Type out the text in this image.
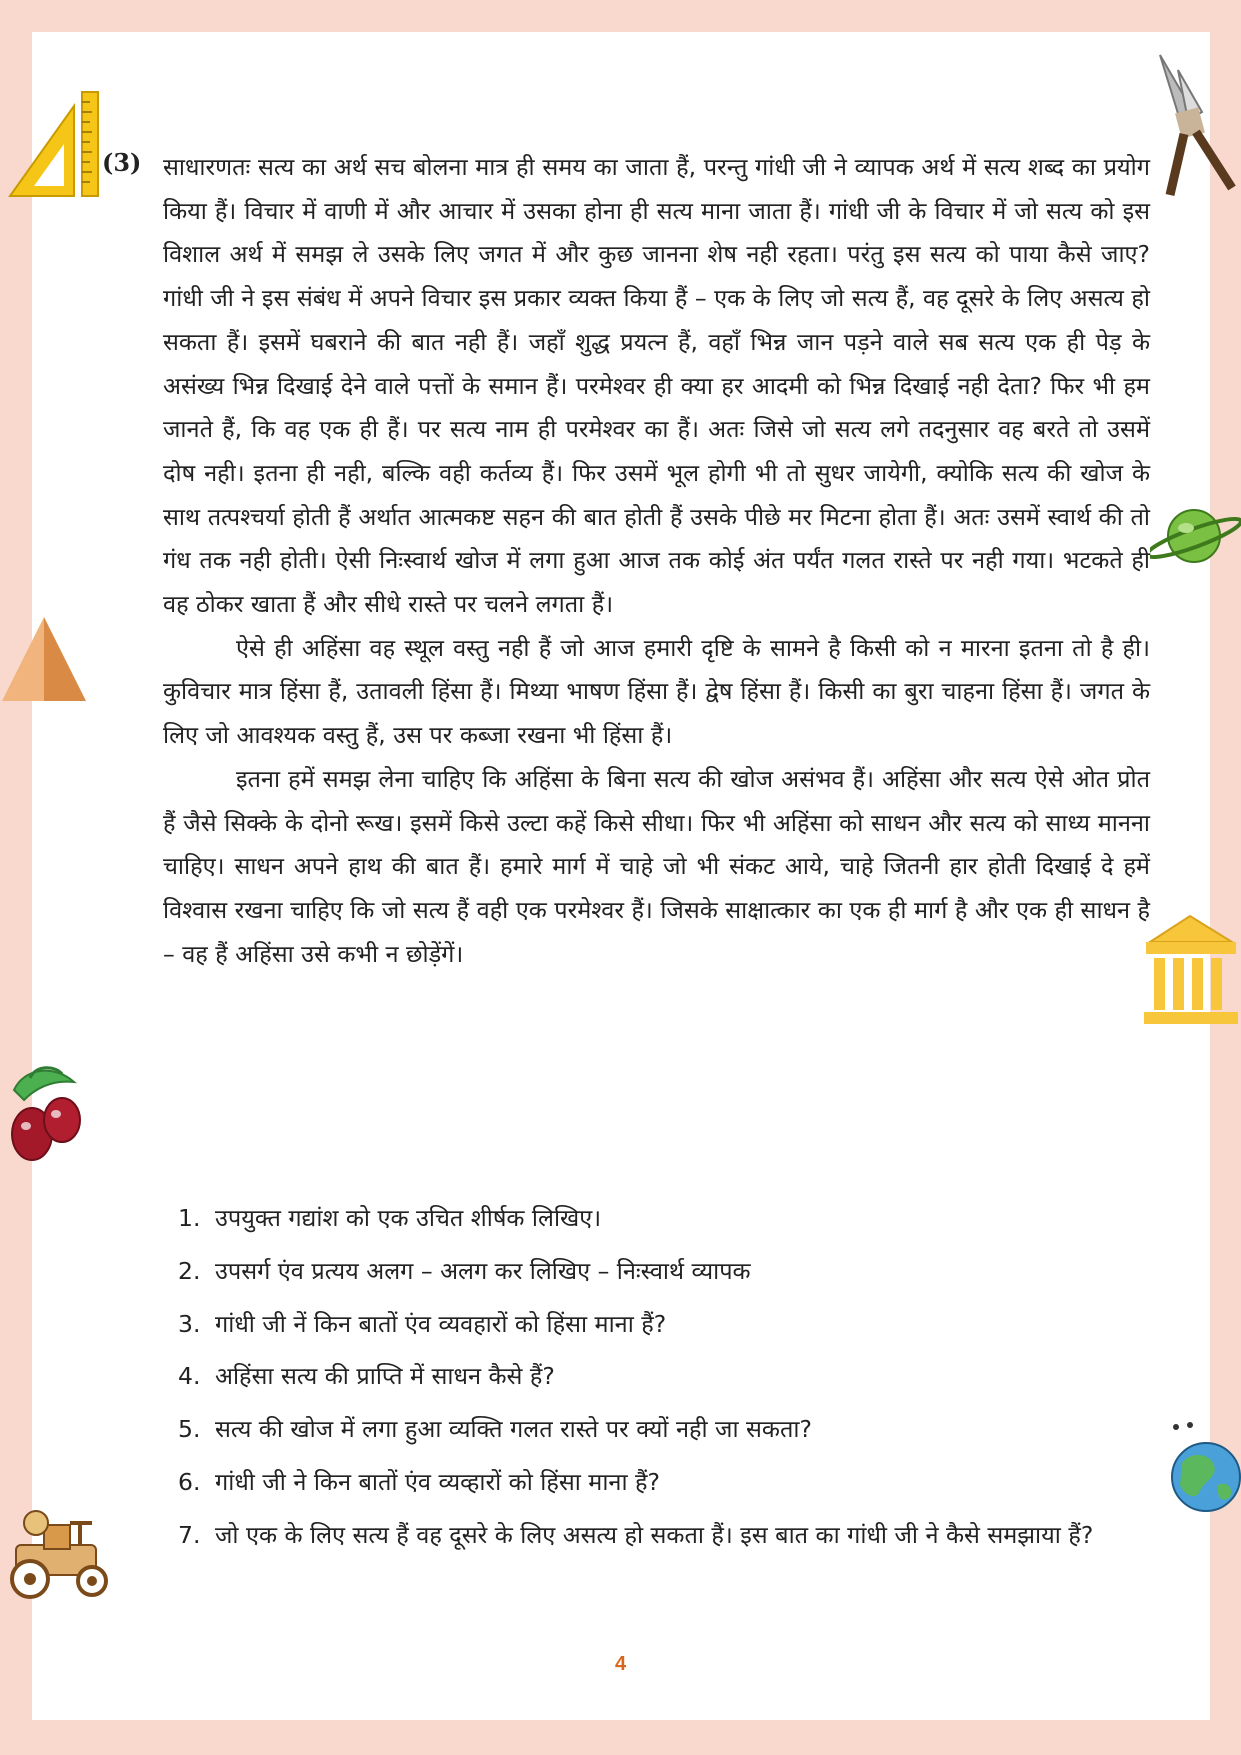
(3) साधारणतः सत्य का अर्थ सच बोलना मात्र ही समय का जाता हैं, परन्तु गांधी जी ने व्यापक अर्थ में सत्य शब्द का प्रयोग किया हैं। विचार में वाणी में और आचार में उसका होना ही सत्य माना जाता हैं। गांधी जी के विचार में जो सत्य को इस विशाल अर्थ में समझ ले उसके लिए जगत में और कुछ जानना शेष नही रहता। परंतु इस सत्य को पाया कैसे जाए? गांधी जी ने इस संबंध में अपने विचार इस प्रकार व्यक्त किया हैं – एक के लिए जो सत्य हैं, वह दूसरे के लिए असत्य हो सकता हैं। इसमें घबराने की बात नही हैं। जहाँ शुद्ध प्रयत्न हैं, वहाँ भिन्न जान पड़ने वाले सब सत्य एक ही पेड़ के असंख्य भिन्न दिखाई देने वाले पत्तों के समान हैं। परमेश्वर ही क्या हर आदमी को भिन्न दिखाई नही देता? फिर भी हम जानते हैं, कि वह एक ही हैं। पर सत्य नाम ही परमेश्वर का हैं। अतः जिसे जो सत्य लगे तदनुसार वह बरते तो उसमें दोष नही। इतना ही नही, बल्कि वही कर्तव्य हैं। फिर उसमें भूल होगी भी तो सुधर जायेगी, क्योकि सत्य की खोज के साथ तत्पश्चर्या होती हैं अर्थात आत्मकष्ट सहन की बात होती हैं उसके पीछे मर मिटना होता हैं। अतः उसमें स्वार्थ की तो गंध तक नही होती। ऐसी निःस्वार्थ खोज में लगा हुआ आज तक कोई अंत पर्यंत गलत रास्ते पर नही गया। भटकते ही वह ठोकर खाता हैं और सीधे रास्ते पर चलने लगता हैं।

ऐसे ही अहिंसा वह स्थूल वस्तु नही हैं जो आज हमारी दृष्टि के सामने है किसी को न मारना इतना तो है ही। कुविचार मात्र हिंसा हैं, उतावली हिंसा हैं। मिथ्या भाषण हिंसा हैं। द्वेष हिंसा हैं। किसी का बुरा चाहना हिंसा हैं। जगत के लिए जो आवश्यक वस्तु हैं, उस पर कब्जा रखना भी हिंसा हैं।

इतना हमें समझ लेना चाहिए कि अहिंसा के बिना सत्य की खोज असंभव हैं। अहिंसा और सत्य ऐसे ओत प्रोत हैं जैसे सिक्के के दोनो रूख। इसमें किसे उल्टा कहें किसे सीधा। फिर भी अहिंसा को साधन और सत्य को साध्य मानना चाहिए। साधन अपने हाथ की बात हैं। हमारे मार्ग में चाहे जो भी संकट आये, चाहे जितनी हार होती दिखाई दे हमें विश्वास रखना चाहिए कि जो सत्य हैं वही एक परमेश्वर हैं। जिसके साक्षात्कार का एक ही मार्ग है और एक ही साधन है – वह हैं अहिंसा उसे कभी न छोड़ेंगें।

1. उपयुक्त गद्यांश को एक उचित शीर्षक लिखिए।
2. उपसर्ग एंव प्रत्यय अलग – अलग कर लिखिए – निःस्वार्थ व्यापक
3. गांधी जी नें किन बातों एंव व्यवहारों को हिंसा माना हैं?
4. अहिंसा सत्य की प्राप्ति में साधन कैसे हैं?
5. सत्य की खोज में लगा हुआ व्यक्ति गलत रास्ते पर क्यों नही जा सकता?
6. गांधी जी ने किन बातों एंव व्यव्हारों को हिंसा माना हैं?
7. जो एक के लिए सत्य हैं वह दूसरे के लिए असत्य हो सकता हैं। इस बात का गांधी जी ने कैसे समझाया हैं?
4
